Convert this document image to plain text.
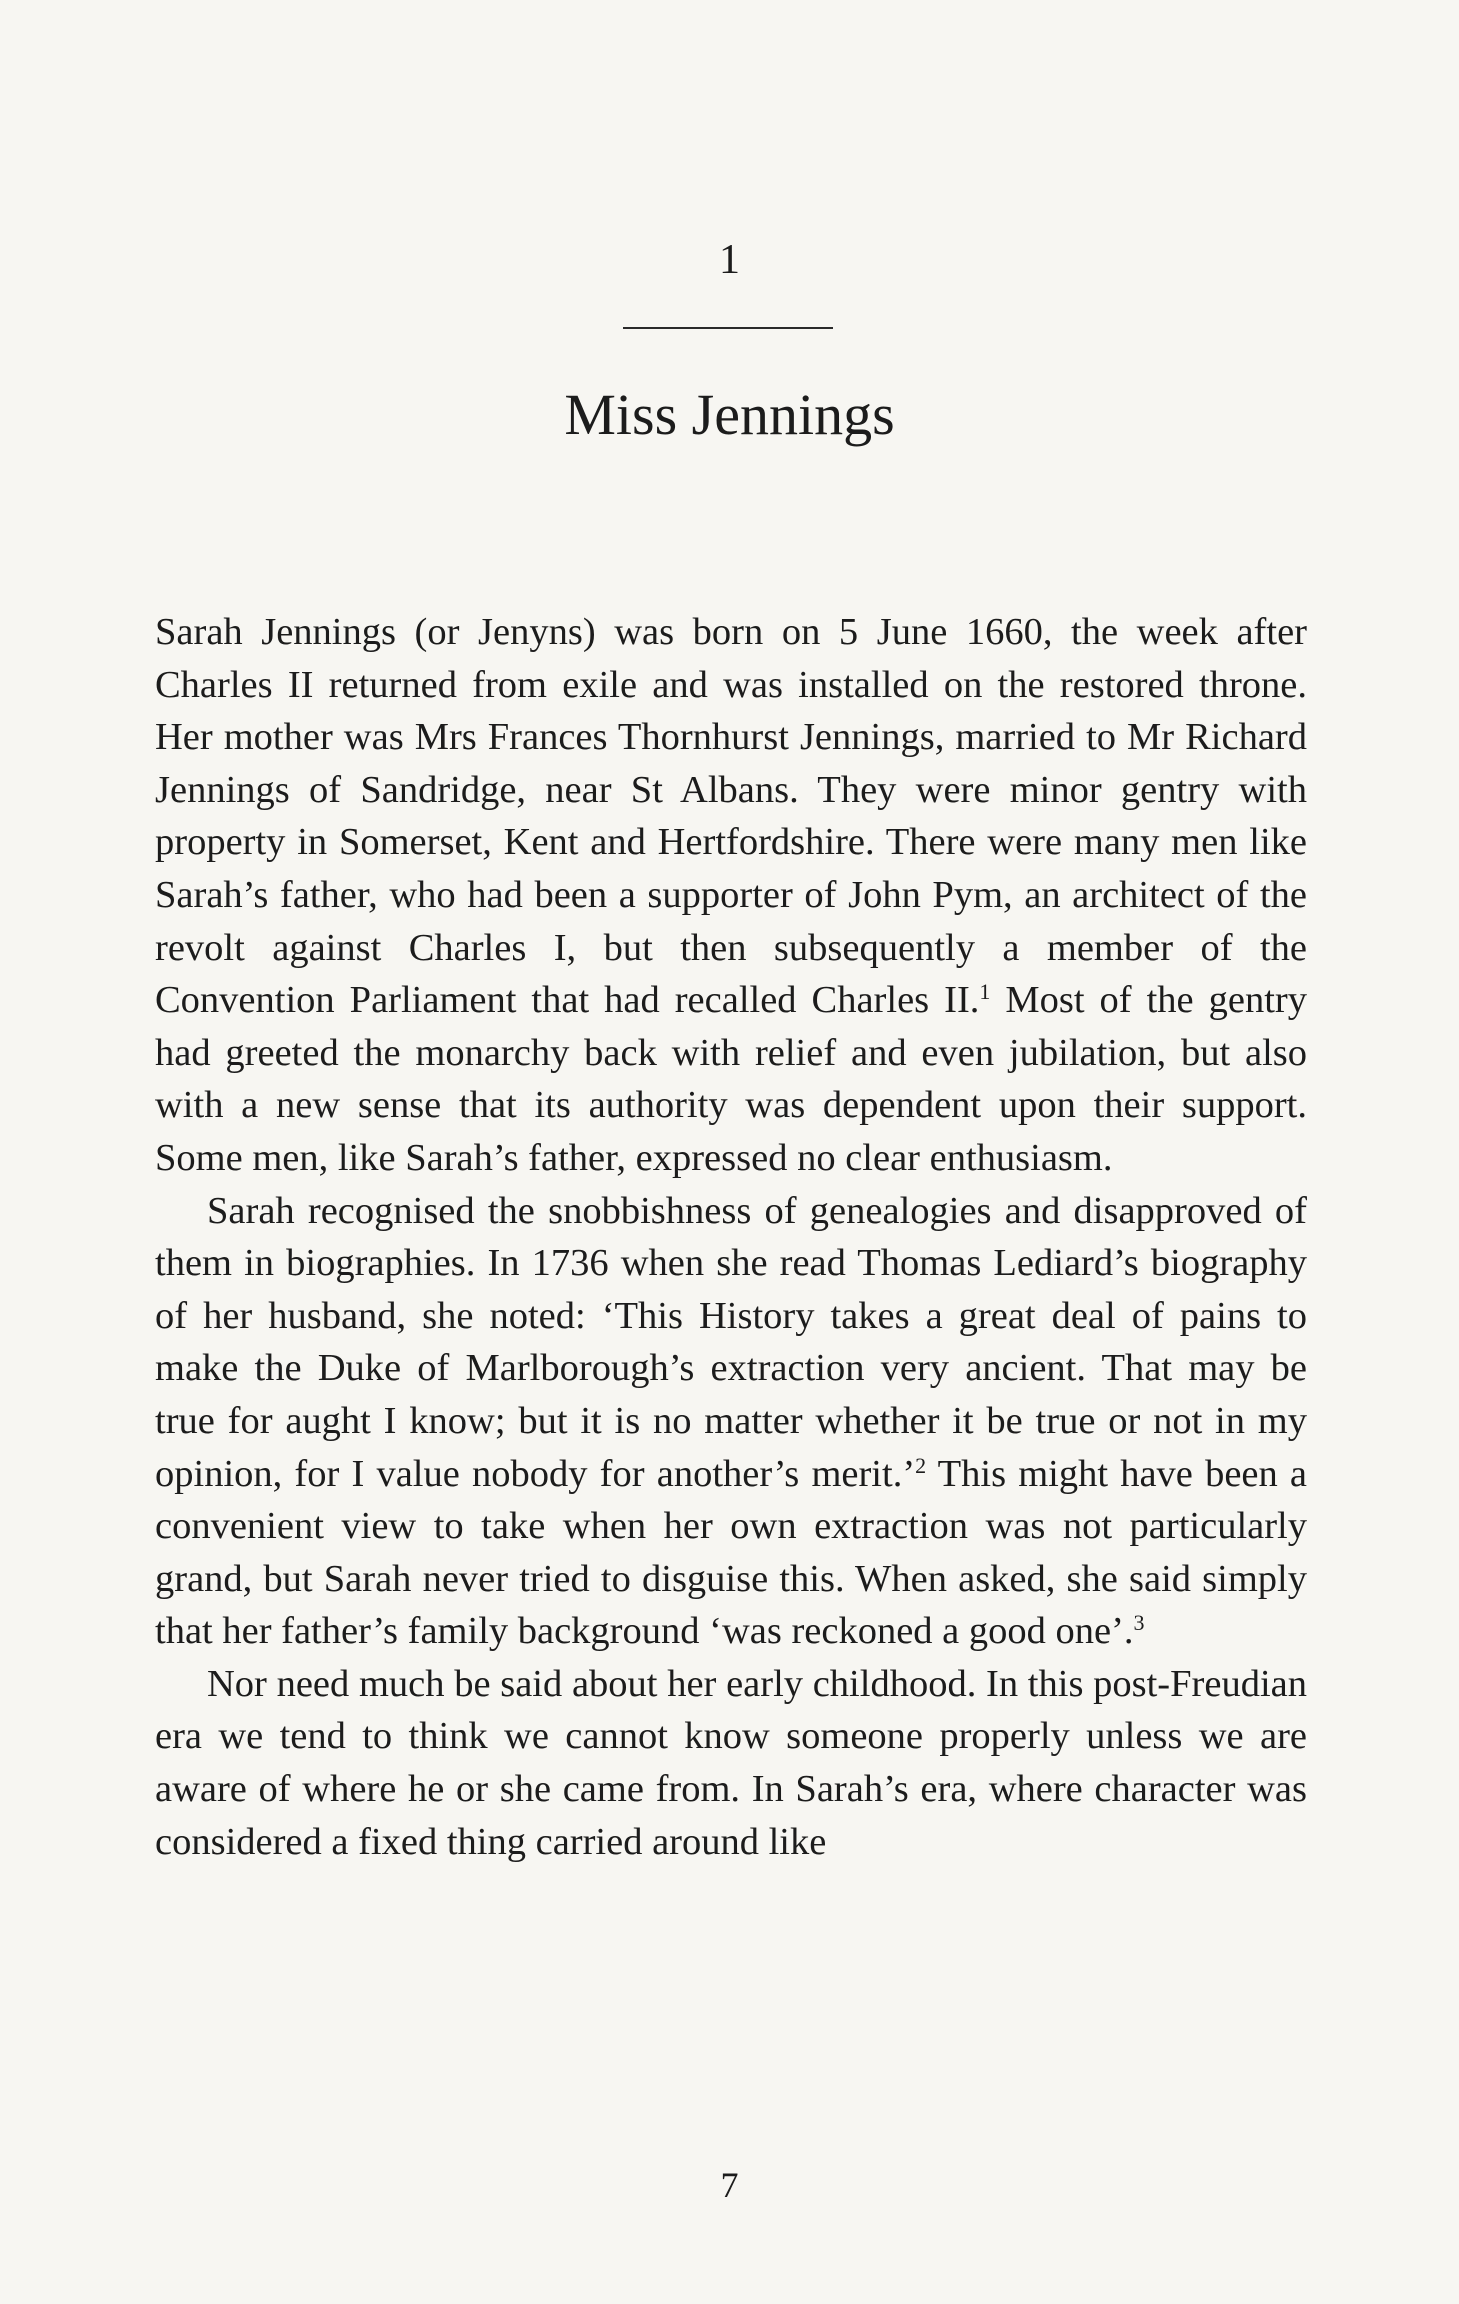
1
Miss Jennings

Sarah Jennings (or Jenyns) was born on 5 June 1660, the week after Charles II returned from exile and was installed on the restored throne. Her mother was Mrs Frances Thornhurst Jennings, married to Mr Richard Jennings of Sandridge, near St Albans. They were minor gentry with property in Somerset, Kent and Hertfordshire. There were many men like Sarah’s father, who had been a supporter of John Pym, an architect of the revolt against Charles I, but then subsequently a member of the Convention Parliament that had recalled Charles II.$^1$ Most of the gentry had greeted the monarchy back with relief and even jubilation, but also with a new sense that its authority was dependent upon their support. Some men, like Sarah’s father, expressed no clear enthusiasm.

Sarah recognised the snobbishness of genealogies and disapproved of them in biographies. In 1736 when she read Thomas Lediard’s biography of her husband, she noted: ‘This History takes a great deal of pains to make the Duke of Marlborough’s extraction very ancient. That may be true for aught I know; but it is no matter whether it be true or not in my opinion, for I value nobody for another’s merit.’$^2$ This might have been a convenient view to take when her own extraction was not particularly grand, but Sarah never tried to disguise this. When asked, she said simply that her father’s family background ‘was reckoned a good one’.$^3$

Nor need much be said about her early childhood. In this post-Freudian era we tend to think we cannot know someone properly unless we are aware of where he or she came from. In Sarah’s era, where character was considered a fixed thing carried around like

7
